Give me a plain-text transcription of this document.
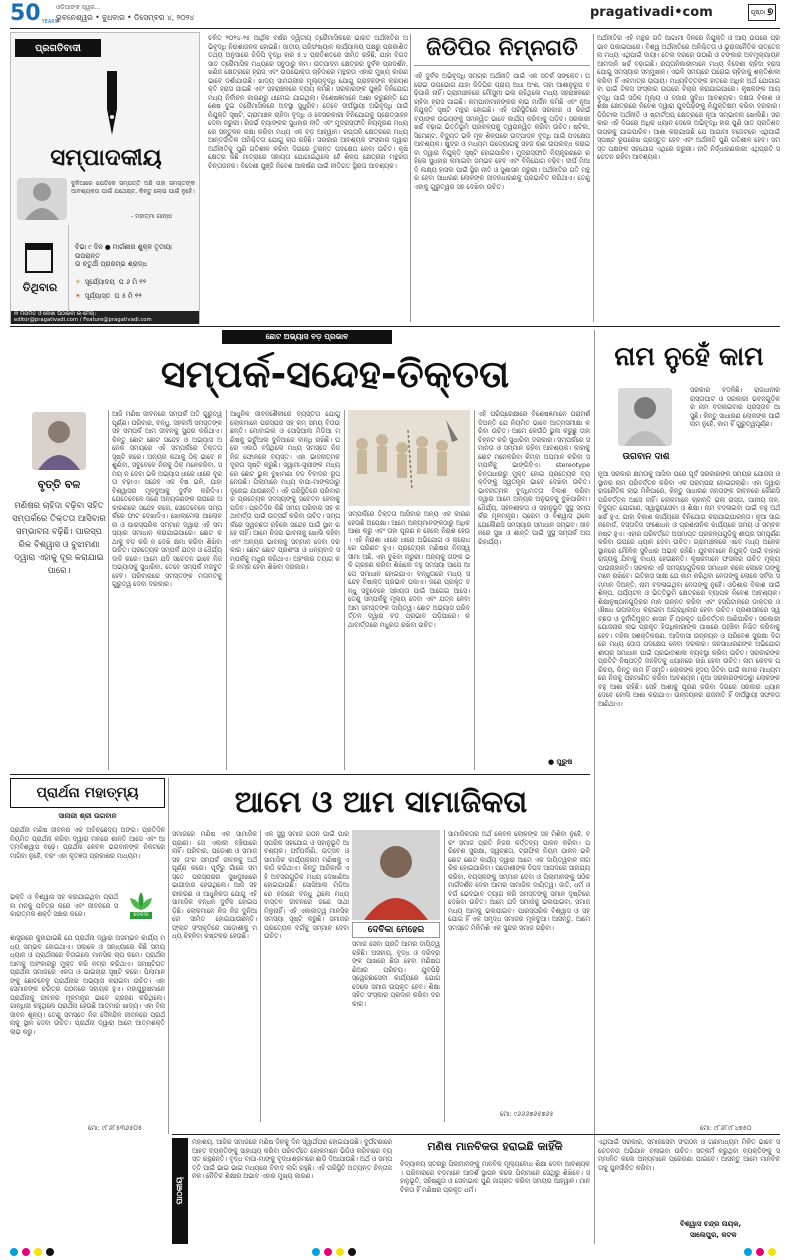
50 YEARS
ଓଡ଼ିଆଙ୍କ ସ୍ୱର...
ଭୁବନେଶ୍ୱର • ବୁଧବାର • ଡିସେମ୍ବର ୪, ୨୦୨୪	pragativadi•com	ପୃଷ୍ଠା ୭
ପ୍ରଗତିବାଦୀ
ସମ୍ପାଦକୀୟ
ଦୁନିଆରେ ଯେତିକେ ସମ୍ପତ୍ତି ଅଛି ତାହା ସମସ୍ତଙ୍କ ଆବଶ୍ୟକତା ପାଇଁ ଯଥେଷ୍ଟ, କିନ୍ତୁ ଲୋଭ ପାଇଁ ନୁହେଁ।
- ମହାତ୍ମା ଗାନ୍ଧୀ
ତିଥିବାର
ବିଭା ୯ ଦିନ ● ମାର୍ଗଶୀର ଶୁକ୍ଳ ତୃତୀୟା ଉପରାନ୍ତ
ଉ ଚତୁର୍ଥୀ ପ୍ରାରମ୍ଭ ଶ୍ରାଦ୍ଧ
☀ ସୂର୍ଯ୍ୟୋଦୟ ଘ ୬ ମି ୧୨
☀ ସୂର୍ଯ୍ୟାସ୍ତ ଘ ୫ ମି ୧୨
✉ ମତାମତ ଓ ଲେଖା ପଠାଇବା ଇ-ମେଲ୍:
editor@pragativadi.com / Feature@pragativadi.com
ଚଳିତ ୨୦୨୪-୨୫ ଆର୍ଥିକ ବର୍ଷର ଦ୍ୱିତୀୟ ତ୍ରୈମାସିକରେ ଭାରତ ଅର୍ଥନୀତିର ଅଭିବୃଦ୍ଧି ନିରାଶାଜନକ ହୋଇଛି। ଜାତୀୟ ପରିସଂଖ୍ୟାନ କାର୍ଯ୍ୟାଳୟ ପକ୍ଷରୁ ପ୍ରକାଶିତ ତଥ୍ୟ ଅନୁସାରେ ଜିଡିପି ବୃଦ୍ଧି ହାର ୫.୪ ପ୍ରତିଶତରେ ସୀମିତ ରହିଛି, ଯାହା ବିଗତ ସାତ ତ୍ରୈମାସିକ ମଧ୍ୟରେ ସବୁଠାରୁ କମ। ଉତ୍ପାଦନ କ୍ଷେତ୍ରର ଦୁର୍ବଳ ପ୍ରଦର୍ଶନ, ଖଣିଜ କ୍ଷେତ୍ରରେ ହ୍ରାସ ଏବଂ ଉପଭୋକ୍ତା ଚାହିଦାରେ ମନ୍ଥରତା ଏହାର ମୁଖ୍ୟ କାରଣ ଭାବେ ଦର୍ଶାଯାଉଛି। ଖାଦ୍ୟ ସାମଗ୍ରୀର ମୂଲ୍ୟବୃଦ୍ଧି ଯୋଗୁ ଗ୍ରାହକଙ୍କ କ୍ରୟଶକ୍ତି ହ୍ରାସ ପାଇଛି ଏବଂ ସହରାଞ୍ଚଳରେ ବ୍ୟୟ କମିଛି। ସରକାରଙ୍କ ପୁଞ୍ଜି ବିନିଯୋଗ ମଧ୍ୟ ନିର୍ବାଚନ କାରଣରୁ ଧୀମେଇ ଯାଇଥିଲା। ବିଶେଷଜ୍ଞମାନେ ଆଶା କରୁଛନ୍ତି ଯେ ଶେଷ ଦୁଇ ତ୍ରୈମାସିକରେ ଅବସ୍ଥା ସୁଧୁରିବ। ତେବେ ଦୀର୍ଘସ୍ଥାୟୀ ଅଭିବୃଦ୍ଧି ପାଇଁ ନିଯୁକ୍ତି ସୃଷ୍ଟି, ଗ୍ରାମାଞ୍ଚଳ ଚାହିଦା ବୃଦ୍ଧି ଓ ବେସରକାରୀ ବିନିଯୋଗକୁ ପ୍ରୋତ୍ସାହନ ଦେବା ଜରୁରୀ। ରିଜର୍ଭ ବ୍ୟାଙ୍କର ସୁଧହାର ନୀତି ଏବଂ ମୁଦ୍ରାସ୍ଫୀତି ନିୟନ୍ତ୍ରଣ ମଧ୍ୟରେ ସନ୍ତୁଳନ ରକ୍ଷା କରିବା ମଧ୍ୟ ଏକ ବଡ଼ ଆହ୍ୱାନ। ରପ୍ତାନି କ୍ଷେତ୍ରରେ ମଧ୍ୟ ଆନ୍ତର୍ଜାତିକ ଅନିଶ୍ଚିତତା ଯୋଗୁ ଚାପ ରହିଛି। ସରକାର ଆବଶ୍ୟକ ସଂସ୍କାର ଦ୍ୱାରା ଅର୍ଥନୀତିକୁ ପୁଣି ଗତିଶୀଳ କରିବା ଦିଗରେ ତୁରନ୍ତ ପଦକ୍ଷେପ ନେବା ଉଚିତ। କୃଷି କ୍ଷେତ୍ର କିଛି ମାତ୍ରାରେ ସହାୟତା ଯୋଗାଇଥିଲେ ହେଁ ଶିଳ୍ପ କ୍ଷେତ୍ରର ମନ୍ଥରତା ଚିନ୍ତାଜନକ। ବିଦେଶୀ ପୁଞ୍ଜି ନିବେଶ ଆକର୍ଷଣ ପାଇଁ ନୀତିଗତ ସ୍ଥିରତା ଆବଶ୍ୟକ।
ଜିଡିପିର ନିମ୍ନଗତି
ଏହି ଦୁର୍ବଳ ଅଭିବୃଦ୍ଧି ସମଗ୍ର ଅର୍ଥନୀତି ପାଇଁ ଏକ ସତର୍କ ସଙ୍କେତ। ଘରୋଇ ଉପଭୋଗ ଯାହା ଜିଡିପିର ପ୍ରାୟ ଅଧା ଅଂଶ, ତାହା ଆଶାନୁରୂପ ବଢ଼ିପାରି ନାହିଁ। ଗ୍ରାମାଞ୍ଚଳରେ ମୌସୁମୀ ଭଲ ରହିଥିଲେ ମଧ୍ୟ ସହରାଞ୍ଚଳରେ ଚାହିଦା ହ୍ରାସ ପାଇଛି। କମ୍ପାନୀମାନଙ୍କର ଲାଭ ମାର୍ଜିନ କମିଛି ଏବଂ ନୂଆ ନିଯୁକ୍ତି ସୃଷ୍ଟି ମନ୍ଥର ହୋଇଛି। ଏହି ପରିସ୍ଥିତିରେ ସରକାର ଓ ରିଜର୍ଭ ବ୍ୟାଙ୍କ ଉଭୟଙ୍କୁ ସମନ୍ୱିତ ଭାବେ କାର୍ଯ୍ୟ କରିବାକୁ ପଡ଼ିବ। ସରକାରୀ ଖର୍ଚ୍ଚ ବଢ଼ାଇ ଭିତ୍ତିଭୂମି ପ୍ରକଳ୍ପକୁ ତ୍ୱରାନ୍ୱିତ କରିବା ଉଚିତ। ଷ୍ଟିଲ, ସିମେଣ୍ଟ, ବିଦ୍ୟୁତ ଭଳି ମୂଳ ଶିଳ୍ପରେ ଉତ୍ପାଦନ ବୃଦ୍ଧି ପାଇଁ ପଦକ୍ଷେପ ଆବଶ୍ୟକ। କ୍ଷୁଦ୍ର ଓ ମଧ୍ୟମ ଉଦ୍ୟୋଗକୁ ସହଜ ଋଣ ଉପଲବ୍ଧ କରାଇବା ଦ୍ୱାରା ନିଯୁକ୍ତି ସୃଷ୍ଟି ହୋଇପାରିବ। ମୁଦ୍ରାସ୍ଫୀତି ନିୟନ୍ତ୍ରଣରେ ରହିଲେ ସୁଧହାର କମାଇବା ସମ୍ଭବ ହେବ ଏବଂ ବିନିଯୋଗ ବଢ଼ିବ। ଦୀର୍ଘ ମିଆଦି ଲକ୍ଷ୍ୟ ହାସଲ ପାଇଁ ସ୍ଥିର ନୀତି ଓ ସୁଶାସନ ଜରୁରୀ। ଅର୍ଥନୀତିର ଗତି ମନ୍ଥର ହେବା ସାଧାରଣ ଲୋକଙ୍କ ଜୀବନଧାରଣକୁ ପ୍ରଭାବିତ କରିଥାଏ। ତେଣୁ ଏହାକୁ ଗୁରୁତ୍ୱର ସହ ଦେଖିବା ଉଚିତ।
ଅର୍ଥନୀତିର ଏହି ମନ୍ଥର ଗତି ଆଗାମୀ ଦିନରେ ନିଯୁକ୍ତି ଓ ଆୟ ଉପରେ ପ୍ରଭାବ ପକାଇପାରେ। ବିଶ୍ୱ ଅର୍ଥନୀତିରେ ଅନିଶ୍ଚିତତା ଓ ଭୂରାଜନୈତିକ ଉତ୍ତେଜନା ମଧ୍ୟ ଏଥିପାଇଁ ଦାୟୀ। ତେଲ ଦରରେ ଉଠାଣି ଓ ଟଙ୍କାର ଅବମୂଲ୍ୟାୟନ ଆମଦାନି ଖର୍ଚ୍ଚ ବଢ଼ାଇଛି। ରପ୍ତାନିକାରୀମାନେ ମଧ୍ୟ ବିଦେଶୀ ଚାହିଦା ହ୍ରାସ ଯୋଗୁ ସମସ୍ୟାର ସମ୍ମୁଖୀନ। ଏଭଳି ସମୟରେ ଘରୋଇ ଚାହିଦାକୁ ଶକ୍ତିଶାଳୀ କରିବା ହିଁ ଏକମାତ୍ର ଉପାୟ। ମଧ୍ୟବିତ୍ତଙ୍କ ହାତରେ ଅଧିକ ଅର୍ଥ ଯୋଗାଇବା ପାଇଁ ଟିକସ ସଂସ୍କାର ଉପରେ ବିଚାର କରାଯାଇପାରେ। କୃଷକଙ୍କ ଆୟ ବୃଦ୍ଧି ପାଇଁ ସଠିକ ମୂଲ୍ୟ ଓ ବଜାର ସୁବିଧା ଆବଶ୍ୟକ। ଦକ୍ଷତା ବିକାଶ ଓ ଶିକ୍ଷା କ୍ଷେତ୍ରରେ ନିବେଶ ଦ୍ୱାରା ଯୁବପିଢ଼ିଙ୍କୁ ନିଯୁକ୍ତିକ୍ଷମ କରିବା ଦରକାର। ଡିଜିଟାଲ ଅର୍ଥନୀତି ଓ ଷ୍ଟାର୍ଟଅପ୍ କ୍ଷେତ୍ରରେ ନୂଆ ସମ୍ଭାବନା ଖୋଲିଛି। ସରକାର ଏହି ଦିଗରେ ଅଧିକ ଧ୍ୟାନ ଦେଲେ ଅଭିବୃଦ୍ଧି ହାର ପୁଣି ସାତ ପ୍ରତିଶତ ଉପରକୁ ଯାଇପାରିବ। ଆଶା କରାଯାଉଛି ଯେ ଆଗାମୀ ବଜେଟରେ ଏଥିପାଇଁ ସ୍ପଷ୍ଟ ରୂପରେଖ ପ୍ରସ୍ତୁତ ହେବ ଏବଂ ଅର୍ଥନୀତି ପୁଣି ଗତିଶୀଳ ହେବ। ସମସ୍ତ ପକ୍ଷଙ୍କ ସହଯୋଗ ଏଥିରେ ଜରୁରୀ। ନୀତି ନିର୍ଦ୍ଧାରଣକାରୀ ଏଥିପ୍ରତି ସଚେତନ ରହିବା ଆବଶ୍ୟକ।
ଛୋଟ ଅଭ୍ୟାସ ବଡ଼ ପ୍ରଭାବ
ସମ୍ପର୍କ-ସନ୍ଦେହ-ତିକ୍ତତା
ବୃତ୍ତି ବଳ
ମଣିଷର ଚାହିଦା ବଢ଼ିବା ସହିତ ସମ୍ପର୍କରେ ତିକ୍ତତା ଆସିବାର ସମ୍ଭାବନା ବଢ଼ିଛି। ପାରସ୍ପରିକ ବିଶ୍ୱାସ ଓ ବୁଝାମଣା ଦ୍ୱାରା ଏହାକୁ ଦୂର କରାଯାଇପାରେ।
ଆଜି ମଣିଷ ଜୀବନରେ ସମ୍ପର୍କ ଅତି ଗୁରୁତ୍ୱପୂର୍ଣ୍ଣ। ପରିବାର, ବନ୍ଧୁ, ସହକର୍ମୀ ସମସ୍ତଙ୍କ ସହ ସମ୍ପର୍କ ଆମ ଜୀବନକୁ ସୁନ୍ଦର କରିଥାଏ। କିନ୍ତୁ ଛୋଟ ଛୋଟ ସନ୍ଦେହ ଓ ଅଭ୍ୟାସ ଅନେକ ସମୟରେ ଏହି ସମ୍ପର୍କରେ ତିକ୍ତତା ସୃଷ୍ଟି କରେ। ଅନ୍ୟର କଥାକୁ ଠିକ୍ ଭାବେ ନ ଶୁଣିବା, ସବୁବେଳେ ନିଜକୁ ଠିକ୍ ମନେକରିବା, ସମୟ ନ ଦେବା ଭଳି ଅଭ୍ୟାସ ଧୀରେ ଧୀରେ ଦୂରତା ବଢ଼ାଏ। ସନ୍ଦେହ ଏକ ବିଷ ଭଳି, ଯାହା ବିଶ୍ୱାସର ମୂଳଦୁଆକୁ ଦୁର୍ବଳ କରିଦିଏ। ଯେତେବେଳେ ଜଣେ ଅନ୍ୟଜଣଙ୍କ ଉପରେ ଅକାରଣରେ ସନ୍ଦେହ କରେ, ସେତେବେଳେ ସମ୍ପର୍କରେ ଫାଟ ଦେଖାଦିଏ। ଖୋଲାମେଲା ଆଲୋଚନା ଓ ପାରସ୍ପରିକ ସମ୍ମାନ ଦ୍ୱାରା ଏହି ସମସ୍ୟାର ସମାଧାନ କରାଯାଇପାରେ। ଛୋଟ କଥାକୁ ବଡ଼ କରି ନ ଦେଖି କ୍ଷମା କରିବା ଶିଖିବା ଉଚିତ। ପ୍ରତ୍ୟେକ ସମ୍ପର୍କ ଯତ୍ନ ଓ ଧୈର୍ଯ୍ୟ ଦାବି କରେ। ଆମେ ଯଦି ସଚେତନ ଭାବେ ନିଜ ଅଭ୍ୟାସକୁ ସୁଧାରିବା, ତେବେ ସମ୍ପର୍କ ମଜବୁତ ହେବ। ପରିବାରରେ ସମସ୍ତଙ୍କ ମତାମତକୁ ଗୁରୁତ୍ୱ ଦେବା ଦରକାର।
ଆଧୁନିକ ଜୀବନଶୈଳୀରେ ବ୍ୟସ୍ତତା ଯୋଗୁ ଲୋକମାନେ ପରସ୍ପର ସହ କମ୍ ସମୟ ବିତାଉଛନ୍ତି। ମୋବାଇଲ ଓ ସୋସିଆଲ ମିଡିଆ ମଣିଷକୁ ଭର୍ଚୁଆଲ ଦୁନିଆରେ ବାନ୍ଧି ରଖିଛି। ଘରେ ଏକାଠି ବସିଥିଲେ ମଧ୍ୟ ସମସ୍ତେ ନିଜ ନିଜ ଫୋନରେ ବ୍ୟସ୍ତ। ଏହା ଭାବନାତ୍ମକ ଦୂରତା ସୃଷ୍ଟି କରୁଛି। ସ୍ୱାମୀ-ସ୍ତ୍ରୀଙ୍କ ମଧ୍ୟରେ ଛୋଟ ଭୁଲ ବୁଝାମଣା ବଡ଼ ବିବାଦର ରୂପ ନେଉଛି। ପିଲାମାନେ ମଧ୍ୟ ବାପା-ମାଙ୍କଠାରୁ ଦୂରେଇ ଯାଉଛନ୍ତି। ଏହି ପରିସ୍ଥିତିରେ ପରିବାରର ପ୍ରତ୍ୟେକ ସଦସ୍ୟଙ୍କୁ ସଚେତନ ହେବାକୁ ପଡ଼ିବ। ପ୍ରତିଦିନ କିଛି ସମୟ ପରିବାର ସହ କଥାବାର୍ତ୍ତା ପାଇଁ ଉତ୍ସର୍ଗ କରିବା ଉଚିତ। ସମ୍ପର୍କରେ ସ୍ୱଚ୍ଛତା ରହିଲେ ସନ୍ଦେହ ପାଇଁ ସ୍ଥାନ ରହେ ନାହିଁ। ଆମେ ନିଜର ଭାବନାକୁ ଖୋଲି କହିବା ଏବଂ ଅନ୍ୟର ଭାବନାକୁ ସମ୍ମାନ ଦେବା ଦରକାର। ଛୋଟ ଛୋଟ ପ୍ରଶଂସା ଓ ଧନ୍ୟବାଦ ସମ୍ପର୍କକୁ ମଧୁର କରିଥାଏ। ଅହଂକାର ତ୍ୟାଗ କରି ନମ୍ର ହେବା ଶିଖିବା ଦରକାର।
ସମ୍ପର୍କରେ ତିକ୍ତତା ଆସିବାର ଅନ୍ୟ ଏକ କାରଣ ହେଉଛି ଅପେକ୍ଷା। ଆମେ ଅନ୍ୟମାନଙ୍କଠାରୁ ଅଧିକ ଆଶା କରୁ ଏବଂ ତାହା ପୂରଣ ନ ହେଲେ ନିରାଶ ହେଉ। ଏହି ନିରାଶା ଧୀରେ ଧୀରେ ଅଭିଯୋଗ ଓ କ୍ରୋଧରେ ପରିଣତ ହୁଏ। ପ୍ରତ୍ୟେକ ମଣିଷର ନିଜସ୍ୱ ସୀମା ଅଛି, ଏହା ବୁଝିବା ଜରୁରୀ। ଅନ୍ୟକୁ ତାଙ୍କ ଭଳି ଗ୍ରହଣ କରିବା ଶିଖିଲେ ବହୁ ସମସ୍ୟା ଆପେ ଆପେ ସମାଧାନ ହୋଇଯାଏ। ବନ୍ଧୁତାରେ ମଧ୍ୟ ସନ୍ଦେହ ବିଷାକ୍ତ ପ୍ରଭାବ ପକାଏ। ଜଣେ ପ୍ରକୃତ ବନ୍ଧୁ ସବୁବେଳେ ସହାୟତା ପାଇଁ ଆଗେଇ ଆସେ। ତେଣୁ ସମ୍ପର୍କକୁ ମୂଲ୍ୟ ଦେବା ଏବଂ ଯତ୍ନ ନେବା ଆମ ସମସ୍ତଙ୍କ ଦାୟିତ୍ୱ। ଛୋଟ ଅଭ୍ୟାସ ପରିବର୍ତ୍ତନ ଦ୍ୱାରା ବଡ଼ ପ୍ରଭାବ ପଡ଼ିପାରେ। କଥାବାର୍ତ୍ତାରେ ମଧୁରତା ରଖିବା ଉଚିତ।
ଏହି ପରିପ୍ରେକ୍ଷୀରେ ବିଶେଷଜ୍ଞମାନେ ପରାମର୍ଶ ଦିଅନ୍ତି ଯେ ନିୟମିତ ଭାବେ ଆତ୍ମସମୀକ୍ଷା କରିବା ଉଚିତ। ଆମେ କେଉଁଠି ଭୁଲ କରୁଛୁ ତାହା ଚିହ୍ନଟ କରି ସୁଧାରିବା ଦରକାର। ସମ୍ପର୍କରେ ସମାନତା ଓ ସମ୍ମାନ ରହିବା ଆବଶ୍ୟକ। କାହାକୁ ଛୋଟ ମନେକରିବା କିମ୍ବା ଅପମାନ କରିବା ସମ୍ପର୍କକୁ ଭାଙ୍ଗିଦିଏ। stereotype ଚିନ୍ତାଧାରାରୁ ମୁକ୍ତ ହୋଇ ପ୍ରତ୍ୟେକ ବ୍ୟକ୍ତିଙ୍କୁ ସ୍ୱତନ୍ତ୍ର ଭାବେ ଦେଖିବା ଉଚିତ। ଭାବନାତ୍ମକ ବୁଦ୍ଧିମତ୍ତା ବିକାଶ କରିବା ଦ୍ୱାରା ଆମେ ଅନ୍ୟର ଅନୁଭବକୁ ବୁଝିପାରିବା। ଧୈର୍ଯ୍ୟ, ସହନଶୀଳତା ଓ ସହାନୁଭୂତି ସୁସ୍ଥ ସମ୍ପର୍କର ମୂଳମନ୍ତ୍ର। ପ୍ରେମ ଓ ବିଶ୍ୱାସ ଥିଲେ ଯେକୌଣସି ସମସ୍ୟାର ସମାଧାନ ସମ୍ଭବ। ଜୀବନରେ ସୁଖ ଓ ଶାନ୍ତି ପାଇଁ ସୁସ୍ଥ ସମ୍ପର୍କ ଅପରିହାର୍ଯ୍ୟ।
● ପୁରୁଷ
ନାମ ନୁହେଁ କାମ
ଉଗବାନ ଦାଶ
ସରକାର ବଦଳିଛି। ରାଜଧାନୀର ରାସ୍ତାଘାଟ ଓ ସରକାରୀ ଭବନଗୁଡ଼ିକର ନାମ ବଦଳାଇବାର ପ୍ରସ୍ତାବ ଆସୁଛି। କିନ୍ତୁ ସାଧାରଣ ଲୋକଙ୍କ ପାଇଁ ନାମ ନୁହେଁ, କାମ ହିଁ ଗୁରୁତ୍ୱପୂର୍ଣ୍ଣ।
ନୂଆ ସରକାର କ୍ଷମତାକୁ ଆସିବା ପରେ ପୂର୍ବ ସରକାରଙ୍କ ସମୟର ଯୋଜନା ଓ ସ୍ଥାନର ନାମ ପରିବର୍ତ୍ତନ କରିବା ଏକ ପରମ୍ପରା ହୋଇଗଲାଣି। ଏହା ଦ୍ୱାରା ରାଜନୈତିକ ଲାଭ ମିଳିପାରେ, କିନ୍ତୁ ସାଧାରଣ ଜନତାଙ୍କ ଜୀବନରେ କୌଣସି ପରିବର୍ତ୍ତନ ଆସେ ନାହିଁ। ଲୋକମାନେ ଚାହାନ୍ତି ଭଲ ରାସ୍ତା, ପାନୀୟ ଜଳ, ବିଦ୍ୟୁତ ଯୋଗାଣ, ସ୍ୱାସ୍ଥ୍ୟସେବା ଓ ଶିକ୍ଷା। ନାମ ବଦଳାଇବା ପାଇଁ ବହୁ ଅର୍ଥ ଖର୍ଚ୍ଚ ହୁଏ, ଯାହା ବିକାଶ କାର୍ଯ୍ୟରେ ବିନିଯୋଗ କରାଯାଇପାରନ୍ତା। ନୂଆ ସାଇନବୋର୍ଡ, ଦସ୍ତାବିଜ ସଂଶୋଧନ ଓ ପ୍ରଶାସନିକ କାର୍ଯ୍ୟରେ ସମୟ ଓ ସମ୍ବଳ ନଷ୍ଟ ହୁଏ। ଏହାର ପରିବର୍ତ୍ତେ ଅସମାପ୍ତ ପ୍ରକଳ୍ପଗୁଡ଼ିକୁ ଶୀଘ୍ର ସମ୍ପୂର୍ଣ୍ଣ କରିବା ଉପରେ ଧ୍ୟାନ ଦେବା ଉଚିତ। ଗ୍ରାମାଞ୍ଚଳରେ ଏବେ ମଧ୍ୟ ଅନେକ ସ୍ଥାନରେ ମୌଳିକ ସୁବିଧାର ଅଭାବ ରହିଛି। ଯୁବକମାନେ ନିଯୁକ୍ତି ପାଇଁ ବାହାର ରାଜ୍ୟକୁ ଯିବାକୁ ବାଧ୍ୟ ହେଉଛନ୍ତି। କୃଷକମାନେ ଫସଲର ଉଚିତ ମୂଲ୍ୟ ପାଉନାହାନ୍ତି। ସରକାର ଏହି ସମସ୍ୟାଗୁଡ଼ିକର ସମାଧାନ କଲେ ଲୋକେ ତାଙ୍କୁ ମନେ ରଖିବେ। ଇତିହାସ ସାକ୍ଷୀ ଯେ କାମ କରିଥିବା ନେତାଙ୍କୁ ଲୋକେ ସର୍ବଦା ସମ୍ମାନ ଦିଅନ୍ତି, ନାମ ବଦଳାଇଥିବା ନେତାଙ୍କୁ ନୁହେଁ। ଓଡ଼ିଶାର ବିକାଶ ପାଇଁ ଶିଳ୍ପ, ପର୍ଯ୍ୟଟନ ଓ ଭିତ୍ତିଭୂମି କ୍ଷେତ୍ରରେ ବ୍ୟାପକ ନିବେଶ ଆବଶ୍ୟକ। ଶିକ୍ଷାନୁଷ୍ଠାନଗୁଡ଼ିକର ମାନ ଉନ୍ନତ କରିବା ଏବଂ ହସ୍ପିଟାଳରେ ଡାକ୍ତର ଓ ଔଷଧ ଉପଲବ୍ଧ କରାଇବା ଅଗ୍ରାଧିକାର ହେବା ଉଚିତ। ପ୍ରଶାସନରେ ସ୍ୱଚ୍ଛତା ଓ ଦୁର୍ନୀତିମୁକ୍ତ ଶାସନ ହିଁ ପ୍ରକୃତ ପରିବର୍ତ୍ତନ ଆଣିପାରିବ। ସରକାରୀ ଯୋଜନାର ଲାଭ ପ୍ରକୃତ ହିତାଧିକାରୀଙ୍କ ପାଖରେ ପହଞ୍ଚିବା ନିଶ୍ଚିତ କରିବାକୁ ହେବ। ମହିଳା ସଶକ୍ତିକରଣ, ଆଦିବାସୀ ଉନ୍ନୟନ ଓ ପରିବେଶ ସୁରକ୍ଷା ଦିଗରେ ମଧ୍ୟ ଠୋସ ପଦକ୍ଷେପ ନେବା ଦରକାର। ଜନସାଧାରଣଙ୍କ ଅଭିଯୋଗ ଶୀଘ୍ର ସମାଧାନ ପାଇଁ ପ୍ରଭାବଶାଳୀ ବ୍ୟବସ୍ଥା କରିବା ଉଚିତ। ସରକାରଙ୍କ ପ୍ରତିଟି ନିଷ୍ପତ୍ତି ଜନହିତକୁ ଧ୍ୟାନରେ ରଖି ହେବା ଉଚିତ। ନାମ କେବଳ ପରିଚୟ, କିନ୍ତୁ କାମ ହିଁ ସ୍ମୃତି। ଲୋକଙ୍କ ହୃଦୟ ଜିତିବା ପାଇଁ କାମର ମାଧ୍ୟମରେ ନିଜକୁ ପ୍ରମାଣିତ କରିବା ଆବଶ୍ୟକ। ନୂଆ ସରକାରଙ୍କଠାରୁ ଲୋକଙ୍କ ବହୁ ଆଶା ରହିଛି। ସେହି ଆଶାକୁ ପୂରଣ କରିବା ଦିଗରେ ସରକାର ଧ୍ୟାନ ଦେବେ ବୋଲି ଆଶା କରାଯାଏ। ଉନ୍ନୟନର ରାଜନୀତି ହିଁ ଦୀର୍ଘସ୍ଥାୟୀ ସଫଳତା ଆଣିଥାଏ।
ମୋ: ୯୮୬୮୯୮୪୭୫୦
ପ୍ରାର୍ଥନା ମହାତ୍ମ୍ୟ
ସାନାରୀ ଶ୍ରୀ ଉଗବାନ
ପ୍ରାର୍ଥନା ମଣିଷ ଜୀବନର ଏକ ଅବିଚ୍ଛେଦ୍ୟ ଅଙ୍ଗ। ପ୍ରତିଦିନ ନିୟମିତ ପ୍ରାର୍ଥନା କରିବା ଦ୍ୱାରା ମନରେ ଶାନ୍ତି ଆସେ ଏବଂ ଆତ୍ମବିଶ୍ୱାସ ବଢ଼େ। ପ୍ରାର୍ଥନା କେବଳ ଭଗବାନଙ୍କ ନିକଟରେ ମାଗିବା ନୁହେଁ, ବରଂ ଏହା କୃତଜ୍ଞତା ପ୍ରକାଶର ମାଧ୍ୟମ।
ଦେବଦା
ଭକ୍ତି ଓ ବିଶ୍ୱାସ ସହ କରାଯାଇଥିବା ପ୍ରାର୍ଥନା ମନକୁ ପବିତ୍ର କରେ ଏବଂ ଜୀବନରେ ସକାରାତ୍ମକ ଶକ୍ତି ସଞ୍ଚାର କରେ।
ଶାସ୍ତ୍ରରେ କୁହାଯାଇଛି ଯେ ପ୍ରାର୍ଥନା ଦ୍ୱାରା ଅସମ୍ଭବ କାର୍ଯ୍ୟ ମଧ୍ୟ ସମ୍ଭବ ହୋଇଥାଏ। ସକାଳେ ଓ ସନ୍ଧ୍ୟାରେ କିଛି ସମୟ ଧ୍ୟାନ ଓ ପ୍ରାର୍ଥନାରେ ବିତାଇଲେ ମାନସିକ ଚାପ କମେ। ପ୍ରାର୍ଥନା ଆମକୁ ଅହଂକାରରୁ ମୁକ୍ତ କରି ନମ୍ର କରିଥାଏ। ସମଷ୍ଟିଗତ ପ୍ରାର୍ଥନା ସମାଜରେ ଏକତା ଓ ଭାଇଚାରା ସୃଷ୍ଟି କରେ। ପିଲାମାନଙ୍କୁ ଛୋଟବେଳୁ ପ୍ରାର୍ଥନାର ଅଭ୍ୟାସ କରାଇବା ଉଚିତ। ଏହା ସେମାନଙ୍କ ଚରିତ୍ର ଗଠନରେ ସହାୟକ ହୁଏ। ମହାପୁରୁଷମାନେ ପ୍ରାର୍ଥନାକୁ ଜୀବନର ମୂଳମନ୍ତ୍ର ଭାବେ ଗ୍ରହଣ କରିଥିଲେ। ଗାନ୍ଧିଜୀ କହୁଥିଲେ ପ୍ରାର୍ଥନା ହେଉଛି ଆତ୍ମାର ଖାଦ୍ୟ। ଏହା ବିନା ଜୀବନ ଶୂନ୍ୟ। ତେଣୁ ସମସ୍ତେ ନିଜ ଦୈନନ୍ଦିନ ଜୀବନରେ ପ୍ରାର୍ଥନାକୁ ସ୍ଥାନ ଦେବା ଉଚିତ। ପ୍ରାର୍ଥନା ଦ୍ୱାରା ଆମେ ଆତ୍ମଶକ୍ତି ଲାଭ କରୁ।
ମୋ: ୯୮୬୮୫୩୬୫୦୫
ଆମେ ଓ ଆମ ସାମାଜିକତା
ସମାଜରେ ମଣିଷ ଏକ ସାମାଜିକ ପ୍ରାଣୀ। ସେ ଏକାକୀ ବଞ୍ଚିପାରେ ନାହିଁ। ପରିବାର, ପଡ଼ୋଶୀ ଓ ସମାଜ ସହ ତା'ର ସମ୍ପର୍କ ଜୀବନକୁ ଅର୍ଥପୂର୍ଣ୍ଣ କରେ। ପୂର୍ବରୁ ଗାଁରେ ସମସ୍ତେ ପରସ୍ପରର ସୁଖଦୁଃଖରେ ଭାଗୀଦାର ହେଉଥିଲେ। ଆଜି ସହରୀକରଣ ଓ ଆଧୁନିକତା ଯୋଗୁ ଏହି ସାମାଜିକ ବନ୍ଧନ ଦୁର୍ବଳ ହୋଇପଡ଼ିଛି। ଲୋକମାନେ ନିଜ ନିଜ ଦୁନିଆରେ ସୀମିତ ହୋଇଯାଉଛନ୍ତି। ଫ୍ଲାଟ ସଂସ୍କୃତିରେ ପଡ଼ୋଶୀକୁ ମଧ୍ୟ ଚିହ୍ନିବା କଷ୍ଟକର ହେଉଛି।
ଏକ ସୁସ୍ଥ ସମାଜ ଗଠନ ପାଇଁ ପାରସ୍ପରିକ ସହଯୋଗ ଓ ସହାନୁଭୂତି ଆବଶ୍ୟକ। ପର୍ବପର୍ବାଣି, ଉତ୍ସବ ଓ ସାମାଜିକ କାର୍ଯ୍ୟକ୍ରମ ମଣିଷକୁ ଏକାଠି କରିଥାଏ। କିନ୍ତୁ ଆଜିକାଲି ଏହି ଅବସରଗୁଡ଼ିକ ମଧ୍ୟ ଦେଖାଣିଆ ହୋଇଯାଉଛି। ସୋସିଆଲ ମିଡିଆରେ ହଜାରେ ବନ୍ଧୁ ଥିଲେ ମଧ୍ୟ ବାସ୍ତବ ଜୀବନରେ ଜଣେ ସାଥୀ ମିଳୁନାହିଁ। ଏହି ଏକାକୀତ୍ୱ ମାନସିକ ସମସ୍ୟା ସୃଷ୍ଟି କରୁଛି। ସମାଜର ପ୍ରତ୍ୟେକ ବର୍ଗକୁ ସମ୍ମାନ ଦେବା ଉଚିତ।
ଦେବିକା ମେହେର
ସମାଜ ସେବା ପ୍ରତି ଆମର ଦାୟିତ୍ୱ ରହିଛି। ଅସହାୟ, ବୃଦ୍ଧ ଓ ଦରିଦ୍ରଙ୍କ ପାଖରେ ଛିଡ଼ା ହେବା ମଣିଷପଣିଆର ପରିଚୟ। ଯୁବପିଢ଼ି ସ୍ୱେଚ୍ଛାସେବୀ କାର୍ଯ୍ୟରେ ଯୋଗଦେଲେ ସମାଜ ଉପକୃତ ହେବ। ଶିକ୍ଷା ସହିତ ସଂସ୍କାର ପ୍ରଦାନ କରିବା ଦରକାର।
ସାମାଜିକତାର ଅର୍ଥ କେବଳ ଲୋକଙ୍କ ସହ ମିଶିବା ନୁହେଁ, ବରଂ ସମାଜ ପ୍ରତି ନିଜର କର୍ତ୍ତବ୍ୟ ପାଳନ କରିବା। ପରିବେଶ ସୁରକ୍ଷା, ସ୍ୱଚ୍ଛତା, ଟ୍ରାଫିକ ନିୟମ ପାଳନ ଭଳି ଛୋଟ ଛୋଟ କାର୍ଯ୍ୟ ଦ୍ୱାରା ଆମେ ଏକ ଦାୟିତ୍ୱବାନ ନାଗରିକ ହୋଇପାରିବା। ପଡ଼ୋଶୀଙ୍କ ବିପଦ ଆପଦରେ ସାହାଯ୍ୟ କରିବା, ବୟସ୍କଙ୍କୁ ସମ୍ମାନ ଦେବା ଓ ପିଲାମାନଙ୍କୁ ସଠିକ ମାର୍ଗଦର୍ଶନ ଦେବା ଆମର ସାମାଜିକ ଦାୟିତ୍ୱ। ଜାତି, ଧର୍ମ ଓ ବର୍ଗ ଭେଦଭାବ ତ୍ୟାଗ କରି ସମସ୍ତଙ୍କୁ ସମାନ ଦୃଷ୍ଟିରେ ଦେଖିବା ଉଚିତ। ଆମେ ଯଦି ସମାଜକୁ ଭଲପାଇବା, ସମାଜ ମଧ୍ୟ ଆମକୁ ଭଲପାଇବ। ପାରସ୍ପରିକ ବିଶ୍ୱାସ ଓ ସହଯୋଗ ହିଁ ଏକ ସମୃଦ୍ଧ ସମାଜର ମୂଳଦୁଆ। ଆସନ୍ତୁ, ଆମେ ସମସ୍ତେ ମିଳିମିଶି ଏକ ସୁନ୍ଦର ସମାଜ ଗଢ଼ିବା।
ମୋ: ୯୬୬୬୭୬୫୭୬୫
ପାଠକୀୟ
ମହାଶୟ, ଆଜିର ସମାଜରେ ମଣିଷ ଦିନକୁ ଦିନ ସ୍ୱାର୍ଥପର ହୋଇଯାଉଛି। ଦୁର୍ଘଟଣାରେ ଆହତ ବ୍ୟକ୍ତିଙ୍କୁ ସାହାଯ୍ୟ କରିବା ପରିବର୍ତ୍ତେ ଲୋକମାନେ ଭିଡିଓ କରିବାରେ ବ୍ୟସ୍ତ ରହୁଛନ୍ତି। ବୃଦ୍ଧ ବାପା-ମାଙ୍କୁ ବୃଦ୍ଧାଶ୍ରମରେ ଛାଡ଼ି ଦିଆଯାଉଛି। ଅର୍ଥ ଓ ସମ୍ପତ୍ତି ପାଇଁ ଭାଇ ଭାଇ ମଧ୍ୟରେ ବିବାଦ ଲାଗି ରହୁଛି। ଏହି ପରିସ୍ଥିତି ଅତ୍ୟନ୍ତ ଚିନ୍ତାଜନକ। ନୈତିକ ଶିକ୍ଷାର ଅଭାବ ଏହାର ମୁଖ୍ୟ କାରଣ।
ମଣିଷ ମାନବିକତା ହରାଇଛି କାହିଁକି
ବିଦ୍ୟାଳୟ ସ୍ତରରୁ ପିଲାମାନଙ୍କୁ ମାନବିକ ମୂଲ୍ୟବୋଧ ଶିକ୍ଷା ଦେବା ଆବଶ୍ୟକ। ପରିବାରରେ ବଡ଼ମାନେ ଆଦର୍ଶ ସ୍ଥାପନ କଲେ ପିଲାମାନେ ସେଥିରୁ ଶିଖିବେ। ସହାନୁଭୂତି, ସହିଷ୍ଣୁତା ଓ ସେବାଭାବ ପୁଣି ଜାଗ୍ରତ କରିବା ସମୟର ଆହ୍ୱାନ। ମାନବିକତା ହିଁ ମଣିଷର ପ୍ରକୃତ ଧର୍ମ।
ଏଥିପାଇଁ ସରକାର, ସମାଜସେବୀ ସଂଗଠନ ଓ ଗଣମାଧ୍ୟମ ମିଳିତ ଭାବେ ସଚେତନତା ଅଭିଯାନ ଚଳାଇବା ଉଚିତ। ସତ୍କର୍ମ କରୁଥିବା ବ୍ୟକ୍ତିଙ୍କୁ ସମ୍ମାନିତ କଲେ ଅନ୍ୟମାନେ ପ୍ରେରଣା ପାଇବେ। ଆସନ୍ତୁ ଆମେ ମାନବିକତାକୁ ପୁନର୍ଜୀବିତ କରିବା।
ବିଶ୍ୱାସ ଚନ୍ଦ୍ର ନାୟକ,
ସାଲେପୁର, କଟକ
